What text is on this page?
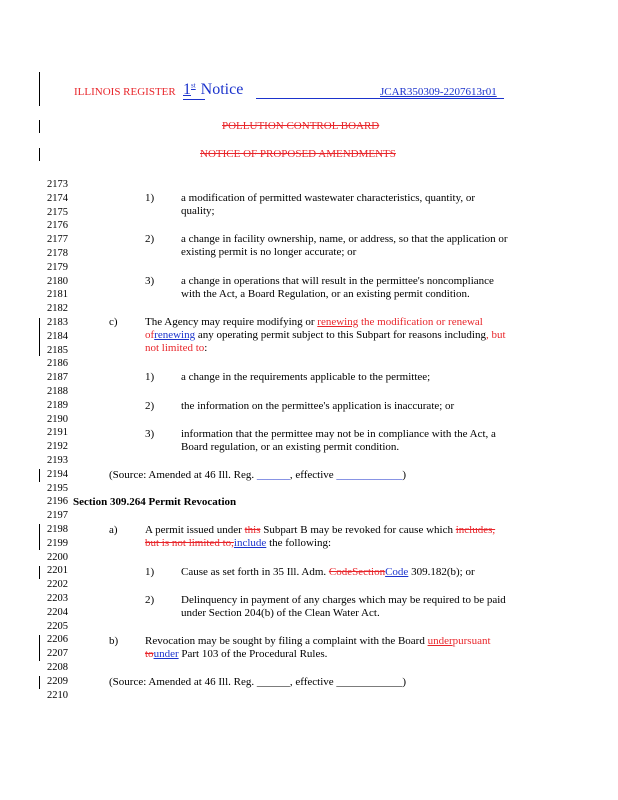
ILLINOIS REGISTER 1st Notice	JCAR350309-2207613r01
POLLUTION CONTROL BOARD
NOTICE OF PROPOSED AMENDMENTS
2173
2174
2175
2176
2177
2178
2179
2180
2181
2182
2183
2184
2185
2186
2187
2188
2189
2190
2191
2192
2193
2194
2195
2196
2197
2198
2199
2200
2201
2202
2203
2204
2205
2206
2207
2208
2209
2210
1) a modification of permitted wastewater characteristics, quantity, or
quality;
2) a change in facility ownership, name, or address, so that the application or
existing permit is no longer accurate; or
3) a change in operations that will result in the permittee's noncompliance
with the Act, a Board Regulation, or an existing permit condition.
c) The Agency may require modifying or renewing the modification or renewal
ofrenewing any operating permit subject to this Subpart for reasons including, but
not limited to:
1) a change in the requirements applicable to the permittee;
2) the information on the permittee's application is inaccurate; or
3) information that the permittee may not be in compliance with the Act, a
Board regulation, or an existing permit condition.
(Source: Amended at 46 Ill. Reg. ______, effective ____________)
Section 309.264 Permit Revocation
a) A permit issued under this Subpart B may be revoked for cause which includes,
but is not limited to,include the following:
1) Cause as set forth in 35 Ill. Adm. CodeSectionCode 309.182(b); or
2) Delinquency in payment of any charges which may be required to be paid
under Section 204(b) of the Clean Water Act.
b) Revocation may be sought by filing a complaint with the Board underpursuant
tounder Part 103 of the Procedural Rules.
(Source: Amended at 46 Ill. Reg. ______, effective ____________)
